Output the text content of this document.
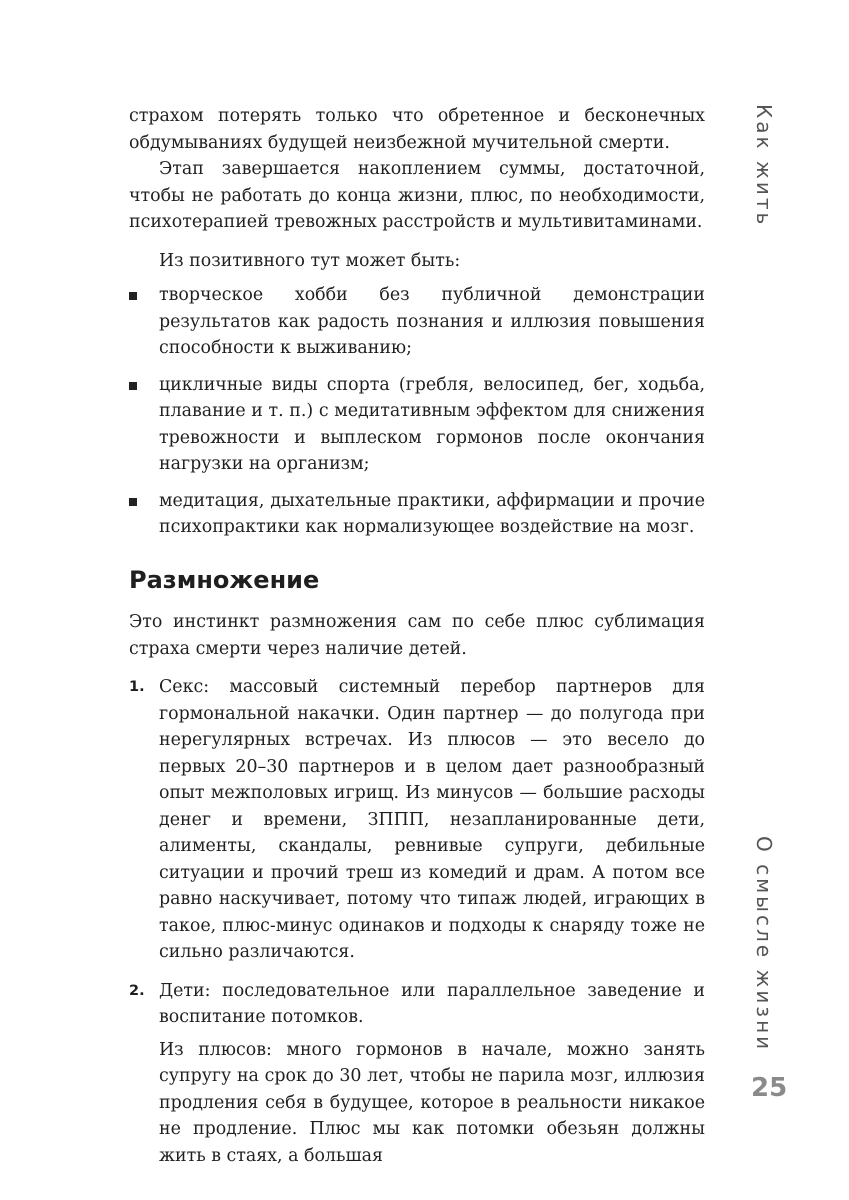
Как жить
О смысле жизни
25

страхом потерять только что обретенное и бесконечных обдумываниях будущей неизбежной мучительной смерти.

Этап завершается накоплением суммы, достаточной, чтобы не работать до конца жизни, плюс, по необходимости, психотерапией тревожных расстройств и мультивитаминами.

Из позитивного тут может быть:

творческое хобби без публичной демонстрации результатов как радость познания и иллюзия повышения способности к выживанию;
цикличные виды спорта (гребля, велосипед, бег, ходьба, плавание и т. п.) с медитативным эффектом для снижения тревожности и выплеском гормонов после окончания нагрузки на организм;
медитация, дыхательные практики, аффирмации и прочие психопрактики как нормализующее воздействие на мозг.
Размножение

Это инстинкт размножения сам по себе плюс сублимация страха смерти через наличие детей.

1. Секс: массовый системный перебор партнеров для гормональной накачки. Один партнер — до полугода при нерегулярных встречах. Из плюсов — это весело до первых 20–30 партнеров и в целом дает разнообразный опыт межполовых игрищ. Из минусов — большие расходы денег и времени, ЗППП, незапланированные дети, алименты, скандалы, ревнивые супруги, дебильные ситуации и прочий треш из комедий и драм. А потом все равно наскучивает, потому что типаж людей, играющих в такое, плюс-минус одинаков и подходы к снаряду тоже не сильно различаются.
2. Дети: последовательное или параллельное заведение и воспитание потомков.
Из плюсов: много гормонов в начале, можно занять супругу на срок до 30 лет, чтобы не парила мозг, иллюзия продления себя в будущее, которое в реальности никакое не продление. Плюс мы как потомки обезьян должны жить в стаях, а большая
